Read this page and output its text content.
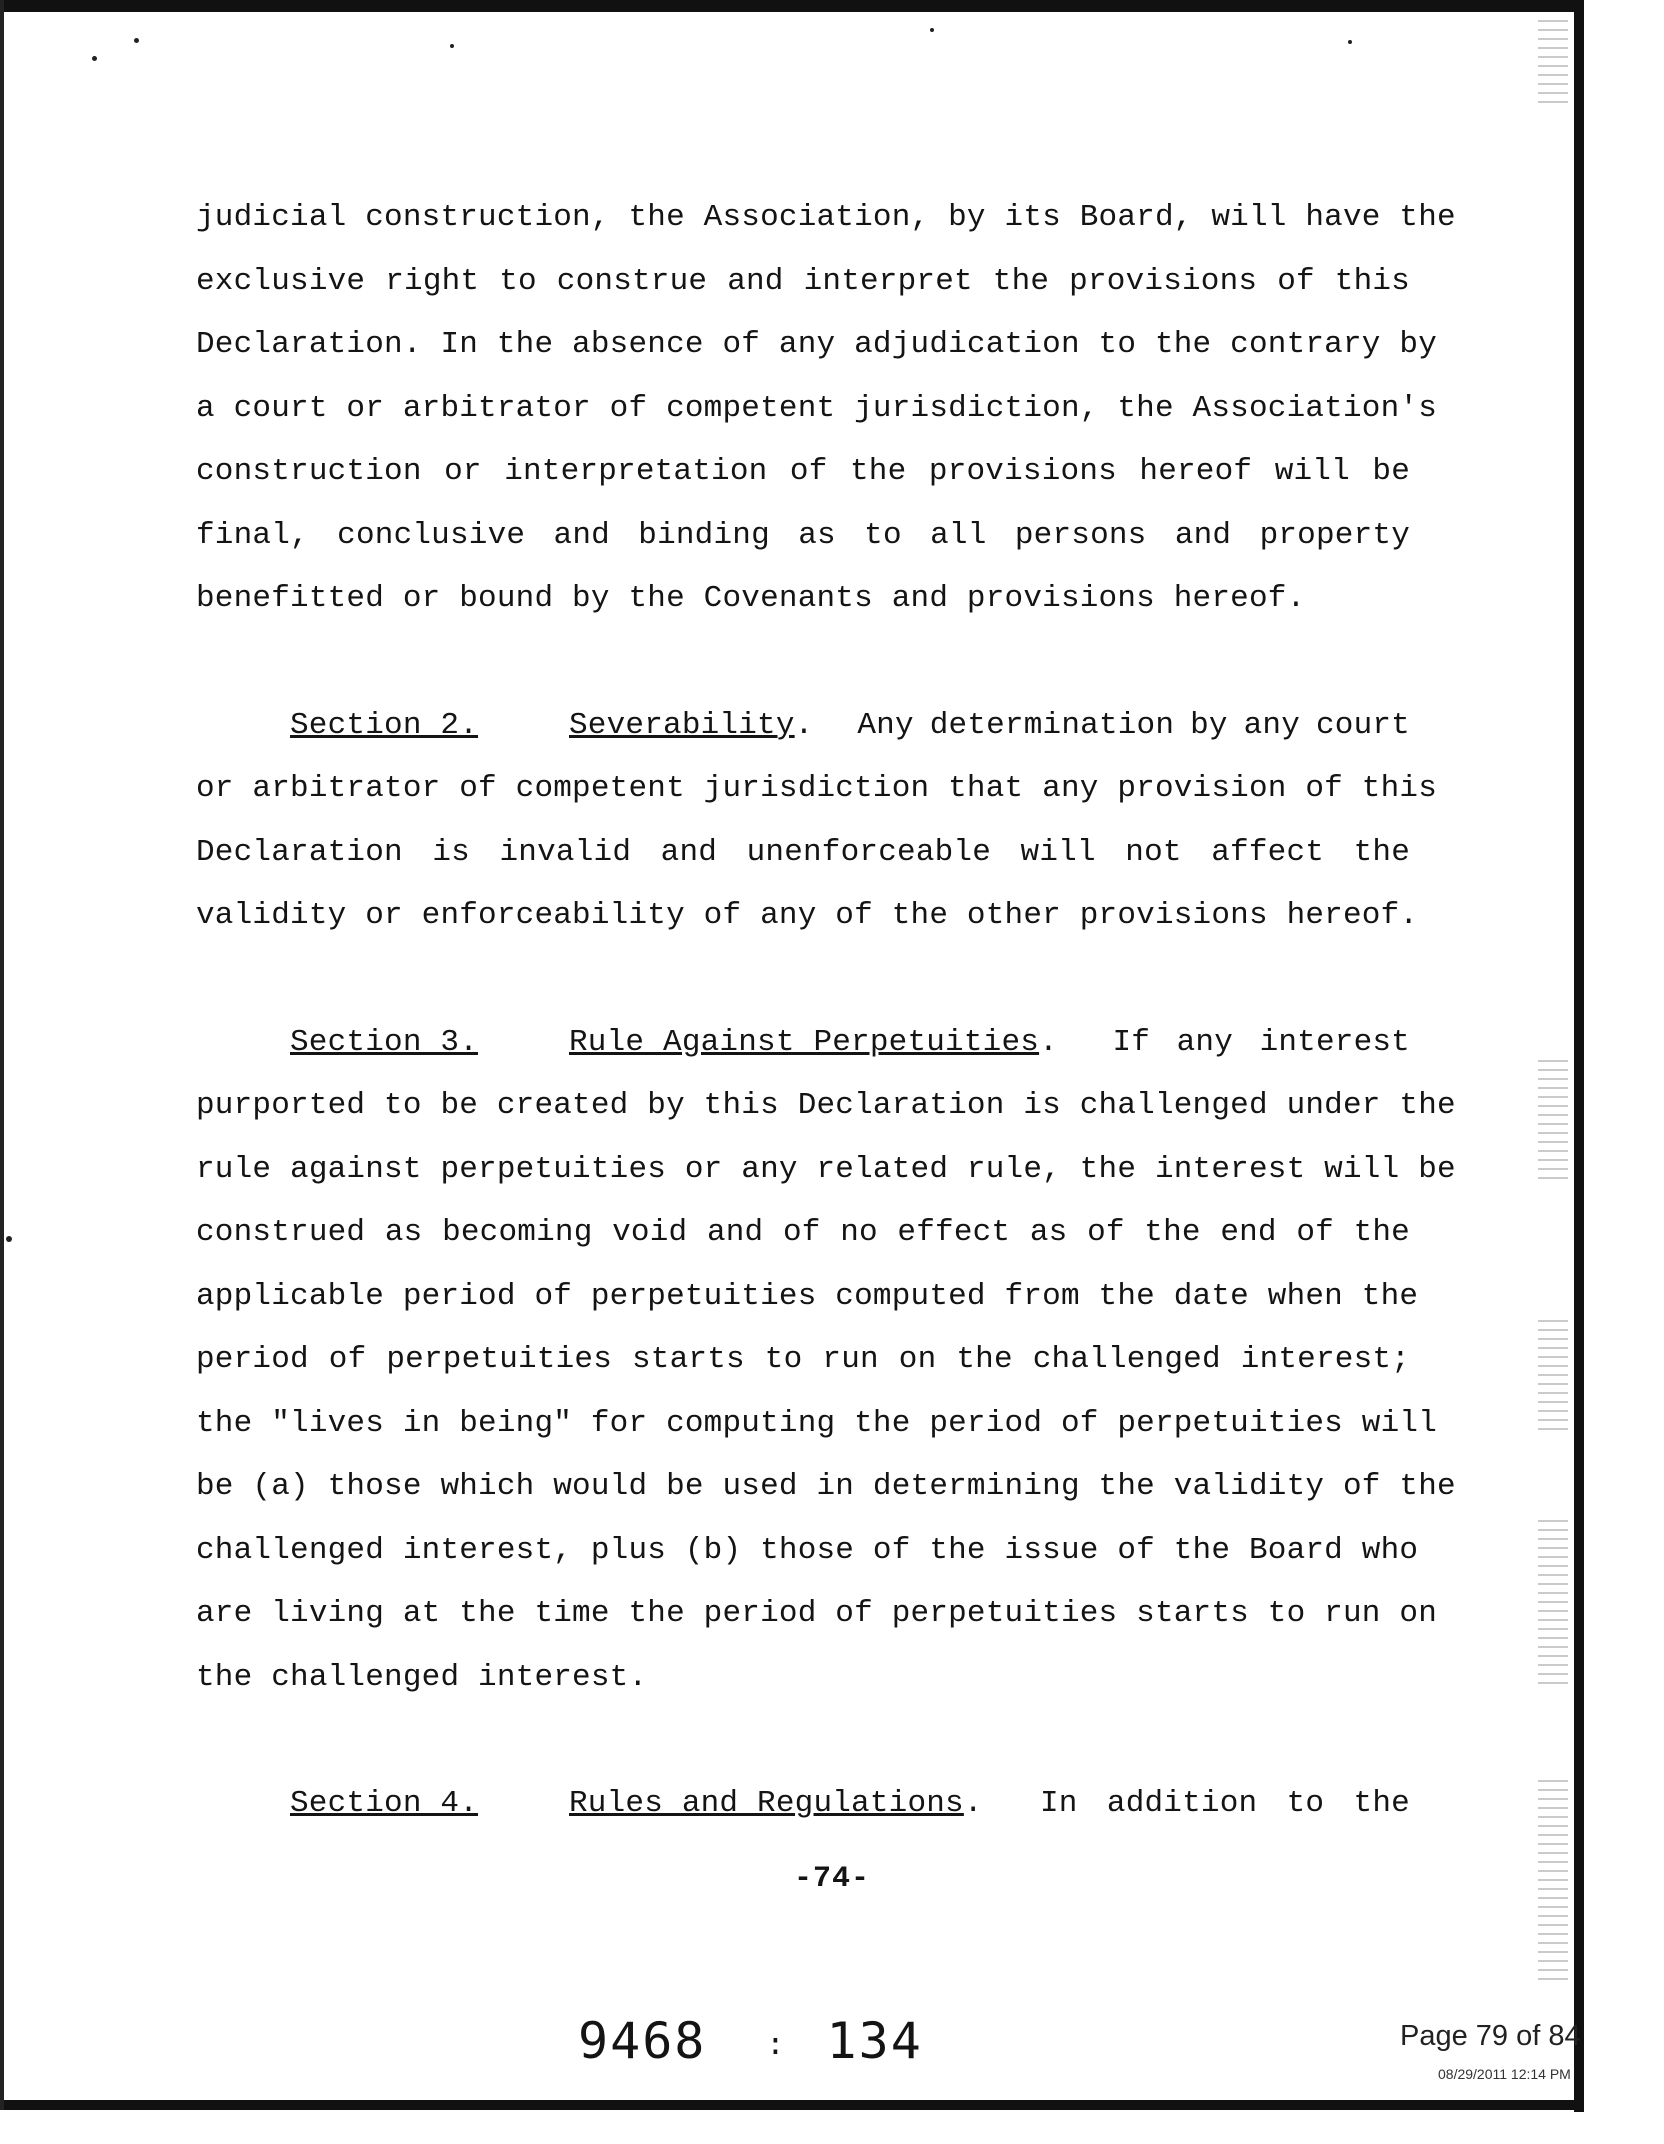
judicial construction, the Association, by its Board, will have the
exclusive right to construe and interpret the provisions of this
Declaration. In the absence of any adjudication to the contrary by
a court or arbitrator of competent jurisdiction, the Association's
construction or interpretation of the provisions hereof will be
final, conclusive and binding as to all persons and property
benefitted or bound by the Covenants and provisions hereof.
Section 2.	Severability . Any determination by any court
or arbitrator of competent jurisdiction that any provision of this
Declaration is invalid and unenforceable will not affect the
validity or enforceability of any of the other provisions hereof.
Section 3.	Rule Against Perpetuities . If any interest
purported to be created by this Declaration is challenged under the
rule against perpetuities or any related rule, the interest will be
construed as becoming void and of no effect as of the end of the
applicable period of perpetuities computed from the date when the
period of perpetuities starts to run on the challenged interest;
the "lives in being" for computing the period of perpetuities will
be (a) those which would be used in determining the validity of the
challenged interest, plus (b) those of the issue of the Board who
are living at the time the period of perpetuities starts to run on
the challenged interest.
Section 4.	Rules and Regulations . In addition to the
-74-
9468 : 134	Page 79 of 84
08/29/2011 12:14 PM
